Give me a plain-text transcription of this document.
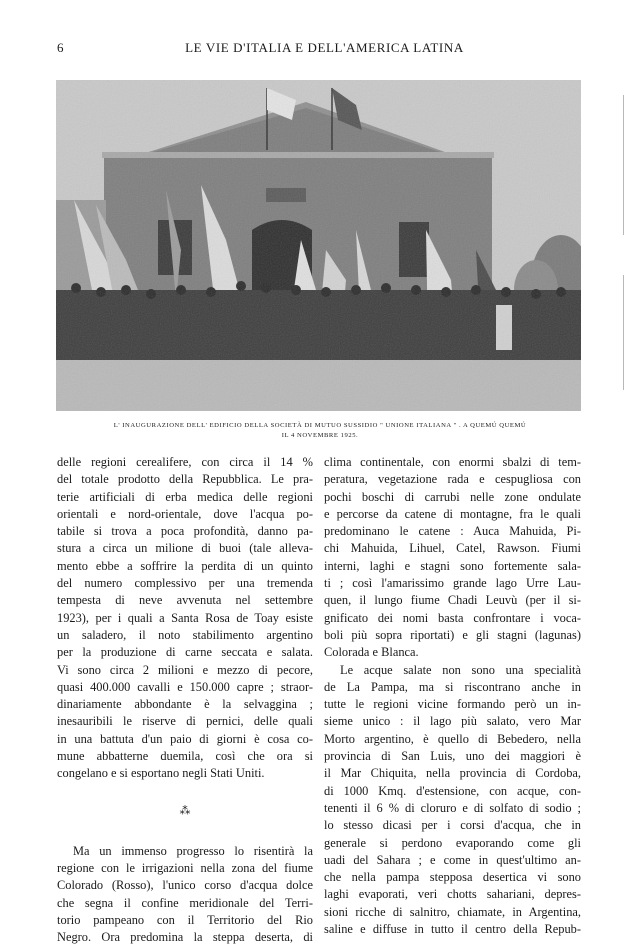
6	LE VIE D'ITALIA E DELL'AMERICA LATINA
L' INAUGURAZIONE DELL' EDIFICIO DELLA SOCIETÀ DI MUTUO SUSSIDIO " UNIONE ITALIANA " . A QUEMÚ QUEMÚ
IL 4 NOVEMBRE 1925.
delle regioni cerealifere, con circa il 14 %
del totale prodotto della Repubblica. Le pra-
terie artificiali di erba medica delle regioni
orientali e nord-orientale, dove l'acqua po-
tabile si trova a poca profondità, danno pa-
stura a circa un milione di buoi (tale alleva-
mento ebbe a soffrire la perdita di un quinto
del numero complessivo per una tremenda
tempesta di neve avvenuta nel settembre
1923), per i quali a Santa Rosa de Toay esiste
un saladero, il noto stabilimento argentino
per la produzione di carne seccata e salata.
Vi sono circa 2 milioni e mezzo di pecore,
quasi 400.000 cavalli e 150.000 capre ; straor-
dinariamente abbondante è la selvaggina ;
inesauribili le riserve di pernici, delle quali
in una battuta d'un paio di giorni è cosa co-
mune abbatterne duemila, così che ora si
congelano e si esportano negli Stati Uniti.
⁂
Ma un immenso progresso lo risentirà la
regione con le irrigazioni nella zona del fiume
Colorado (Rosso), l'unico corso d'acqua dolce
che segna il confine meridionale del Terri-
torio pampeano con il Territorio del Rio
Negro. Ora predomina la steppa deserta, di
clima continentale, con enormi sbalzi di tem-
peratura, vegetazione rada e cespugliosa con
pochi boschi di carrubi nelle zone ondulate
e percorse da catene di montagne, fra le quali
predominano le catene : Auca Mahuida, Pi-
chi Mahuida, Lihuel, Catel, Rawson. Fiumi
interni, laghi e stagni sono fortemente sala-
ti ; così l'amarissimo grande lago Urre Lau-
quen, il lungo fiume Chadi Leuvù (per il si-
gnificato dei nomi basta confrontare i voca-
boli più sopra riportati) e gli stagni (lagunas)
Colorada e Blanca.
Le acque salate non sono una specialità
de La Pampa, ma si riscontrano anche in
tutte le regioni vicine formando però un in-
sieme unico : il lago più salato, vero Mar
Morto argentino, è quello di Bebedero, nella
provincia di San Luis, uno dei maggiori è
il Mar Chiquita, nella provincia di Cordoba,
di 1000 Kmq. d'estensione, con acque, con-
tenenti il 6 % di cloruro e di solfato di sodio ;
lo stesso dicasi per i corsi d'acqua, che in
generale si perdono evaporando come gli
uadi del Sahara ; e come in quest'ultimo an-
che nella pampa stepposa desertica vi sono
laghi evaporati, veri chotts sahariani, depres-
sioni ricche di salnitro, chiamate, in Argentina,
saline e diffuse in tutto il centro della Repub-
